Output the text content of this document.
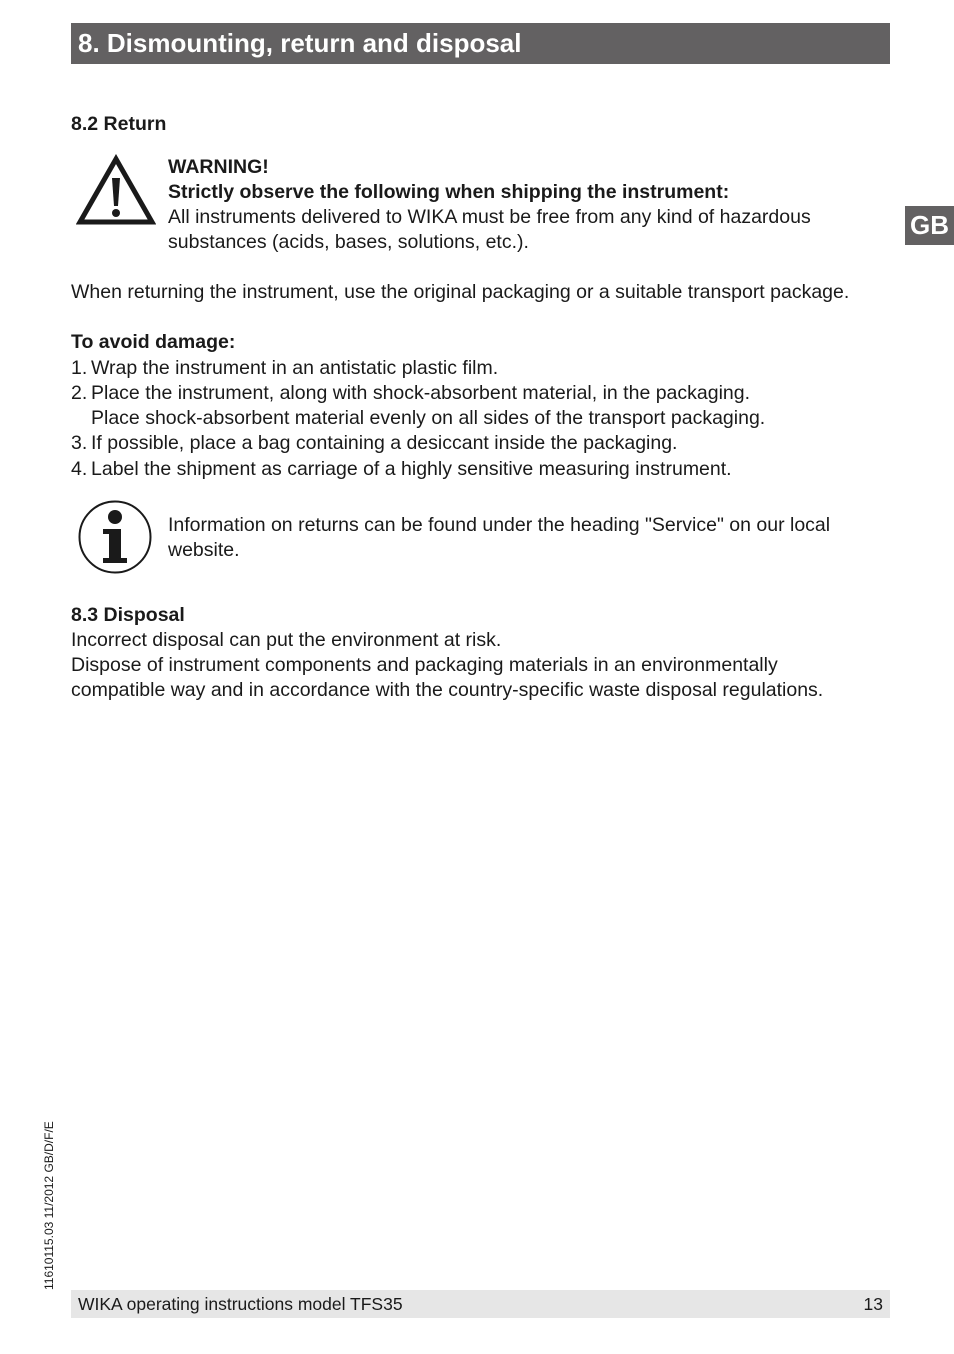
8. Dismounting, return and disposal
GB
8.2 Return
WARNING!
Strictly observe the following when shipping the instrument:
All instruments delivered to WIKA must be free from any kind of hazardous
substances (acids, bases, solutions, etc.).
When returning the instrument, use the original packaging or a suitable transport package.
To avoid damage:
1. Wrap the instrument in an antistatic plastic film.
2. Place the instrument, along with shock-absorbent material, in the packaging.
Place shock-absorbent material evenly on all sides of the transport packaging.
3. If possible, place a bag containing a desiccant inside the packaging.
4. Label the shipment as carriage of a highly sensitive measuring instrument.
Information on returns can be found under the heading "Service" on our local
website.
8.3 Disposal
Incorrect disposal can put the environment at risk.
Dispose of instrument components and packaging materials in an environmentally
compatible way and in accordance with the country-specific waste disposal regulations.
11610115.03 11/2012 GB/D/F/E
WIKA operating instructions model TFS35	13
